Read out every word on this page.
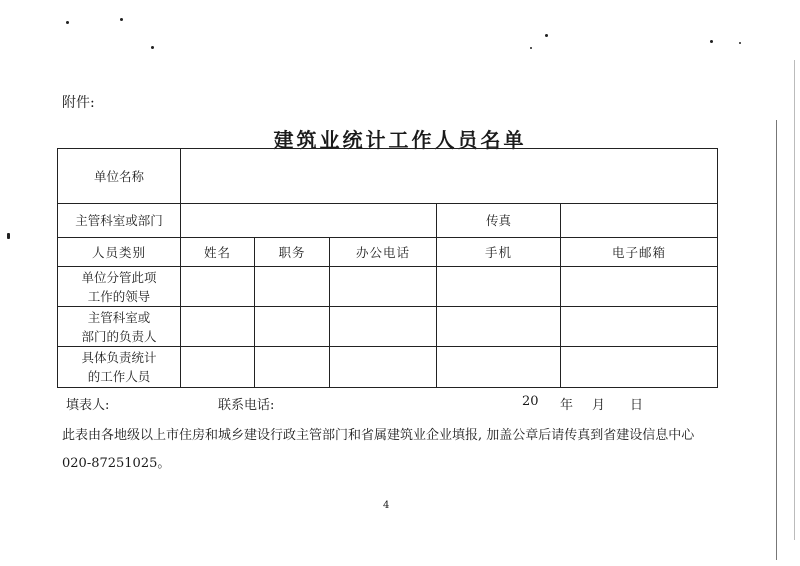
附件:
建筑业统计工作人员名单
单位名称					
主管科室或部门				传真	
人员类别	姓名	职务	办公电话	手机	电子邮箱

单位分管此项
工作的领导					

主管科室或
部门的负责人					

具体负责统计
的工作人员					

填表人:	联系电话:	20 年 月 日
此表由各地级以上市住房和城乡建设行政主管部门和省属建筑业企业填报, 加盖公章后请传真到省建设信息中心
020-87251025。
4
